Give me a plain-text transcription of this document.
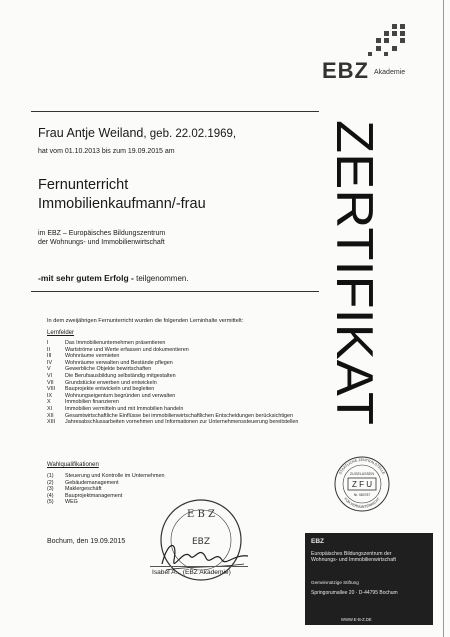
EBZ Akademie
ZERTIFIKAT
Frau Antje Weiland, geb. 22.02.1969,
hat vom 01.10.2013 bis zum 19.09.2015 am
Fernunterricht
Immobilienkaufmann/-frau
im EBZ – Europäisches Bildungszentrum
der Wohnungs- und Immobilienwirtschaft
-mit sehr gutem Erfolg - teilgenommen.
In dem zweijährigen Fernunterricht wurden die folgenden Lerninhalte vermittelt:
Lernfelder
I	Das Immobilienunternehmen präsentieren
II	Wartströme und Werte erfassen und dokumentieren
III	Wohnräume vermieten
IV	Wohnräume verwalten und Bestände pflegen
V	Gewerbliche Objekte bewirtschaften
VI	Die Berufsausbildung selbständig mitgestalten
VII	Grundstücke erwerben und entwickeln
VIII	Bauprojekte entwickeln und begleiten
IX	Wohnungseigentum begründen und verwalten
X	Immobilien finanzieren
XI	Immobilien vermitteln und mit Immobilien handeln
XII	Gesamtwirtschaftliche Einflüsse bei immobilienwirtschaftlichen Entscheidungen berücksichtigen
XIII	Jahresabschlussarbeiten vornehmen und Informationen zur Unternehmenssteuerung bereitstellen
Wahlqualifikationen
(1)	Steuerung und Kontrolle im Unternehmen
(2)	Gebäudemanagement
(3)	Maklergeschäft
(4)	Bauprojektmanagement
(5)	WEG
E B Z
EBZ
Bochum, den 19.09.2015
Isabel A... (EBZ Akademie)
Z F U
ZUGELASSEN
Nr. 580787
STAATLICHE ZENTRALSTELLE
FÜR FERNUNTERRICHT
EBZ
Europäisches Bildungszentrum der
Wohnungs- und Immobilienwirtschaft
Gemeinnützige Stiftung
Springorumallee 20 · D-44795 Bochum
WWW.E-B-Z.DE
